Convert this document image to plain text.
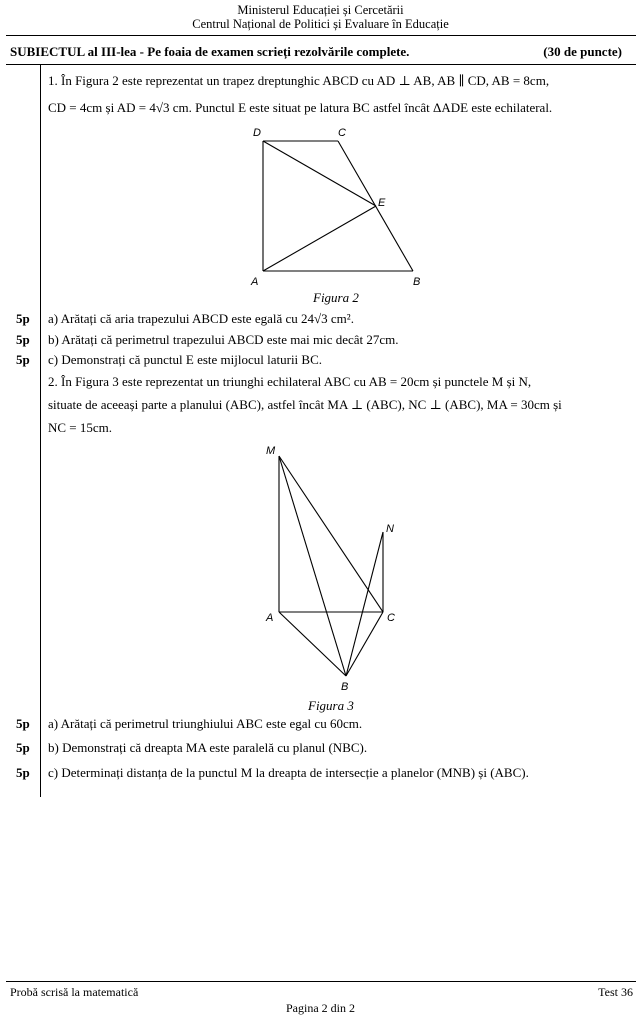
Ministerul Educației și Cercetării
Centrul Național de Politici și Evaluare în Educație
SUBIECTUL al III-lea - Pe foaia de examen scrieți rezolvările complete.	(30 de puncte)
1. În Figura 2 este reprezentat un trapez dreptunghic ABCD cu AD ⊥ AB, AB ∥ CD, AB = 8cm,
CD = 4cm și AD = 4√3 cm. Punctul E este situat pe latura BC astfel încât ΔADE este echilateral.
D	C
E
A	B
Figura 2
5p a) Arătați că aria trapezului ABCD este egală cu 24√3 cm².
5p b) Arătați că perimetrul trapezului ABCD este mai mic decât 27cm.
5p c) Demonstrați că punctul E este mijlocul laturii BC.
2. În Figura 3 este reprezentat un triunghi echilateral ABC cu AB = 20cm și punctele M și N,
situate de aceeași parte a planului (ABC), astfel încât MA ⊥ (ABC), NC ⊥ (ABC), MA = 30cm și
NC = 15cm.
M
N
A	C
B
Figura 3
5p a) Arătați că perimetrul triunghiului ABC este egal cu 60cm.
5p b) Demonstrați că dreapta MA este paralelă cu planul (NBC).
5p c) Determinați distanța de la punctul M la dreapta de intersecție a planelor (MNB) și (ABC).
Probă scrisă la matematică	Test 36
Pagina 2 din 2
